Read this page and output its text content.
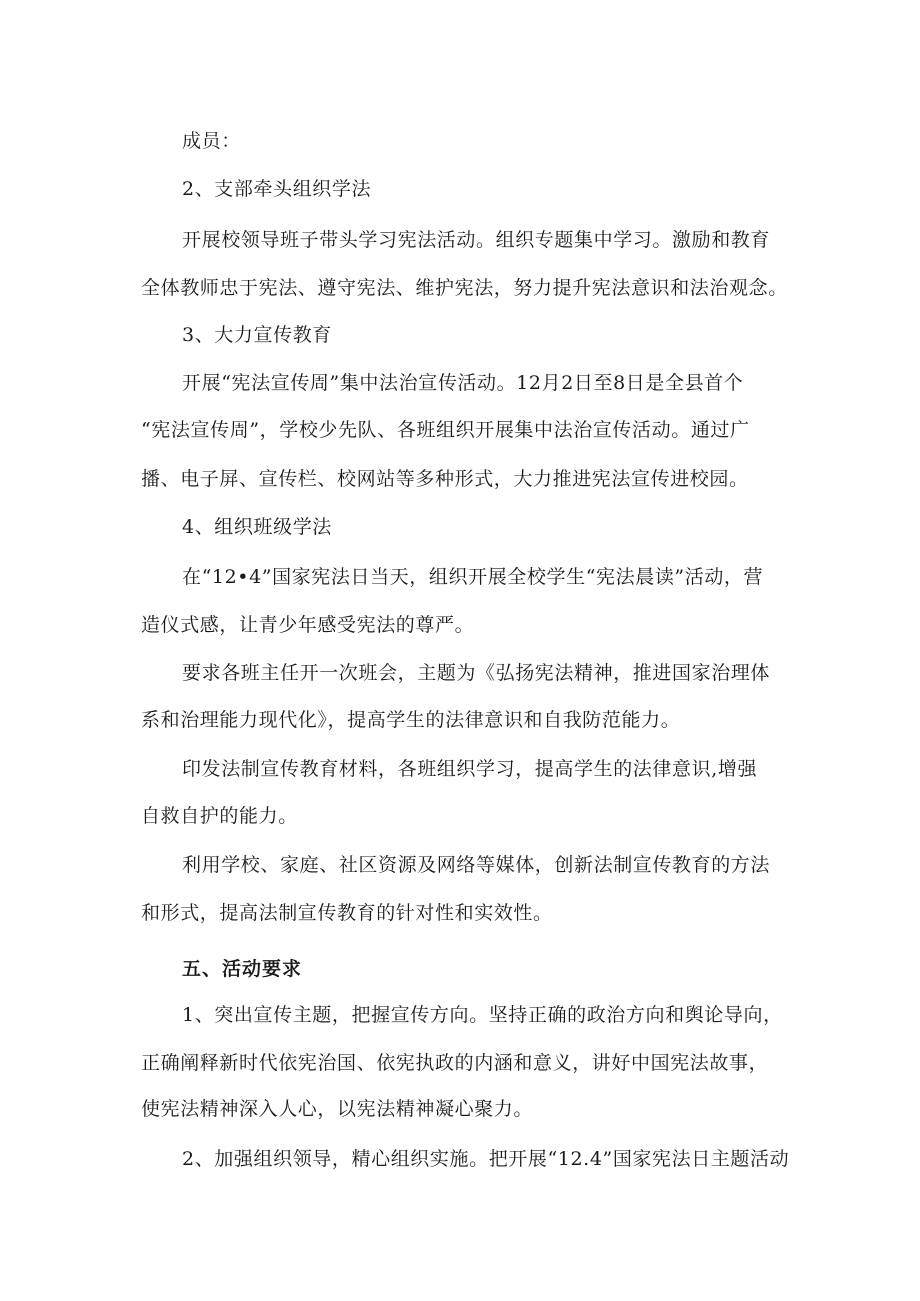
成员：
2、支部牵头组织学法
开展校领导班子带头学习宪法活动。组织专题集中学习。激励和教育
全体教师忠于宪法、遵守宪法、维护宪法，努力提升宪法意识和法治观念。
3、大力宣传教育
开展“宪法宣传周”集中法治宣传活动。12月2日至8日是全县首个
“宪法宣传周”，学校少先队、各班组织开展集中法治宣传活动。通过广
播、电子屏、宣传栏、校网站等多种形式，大力推进宪法宣传进校园。
4、组织班级学法
在“12•4”国家宪法日当天，组织开展全校学生“宪法晨读”活动，营
造仪式感，让青少年感受宪法的尊严。
要求各班主任开一次班会，主题为《弘扬宪法精神，推进国家治理体
系和治理能力现代化》，提高学生的法律意识和自我防范能力。
印发法制宣传教育材料，各班组织学习，提高学生的法律意识,增强
自救自护的能力。
利用学校、家庭、社区资源及网络等媒体，创新法制宣传教育的方法
和形式，提高法制宣传教育的针对性和实效性。
五、活动要求
1、突出宣传主题，把握宣传方向。坚持正确的政治方向和舆论导向，
正确阐释新时代依宪治国、依宪执政的内涵和意义，讲好中国宪法故事，
使宪法精神深入人心，以宪法精神凝心聚力。
2、加强组织领导，精心组织实施。把开展“12.4”国家宪法日主题活动
